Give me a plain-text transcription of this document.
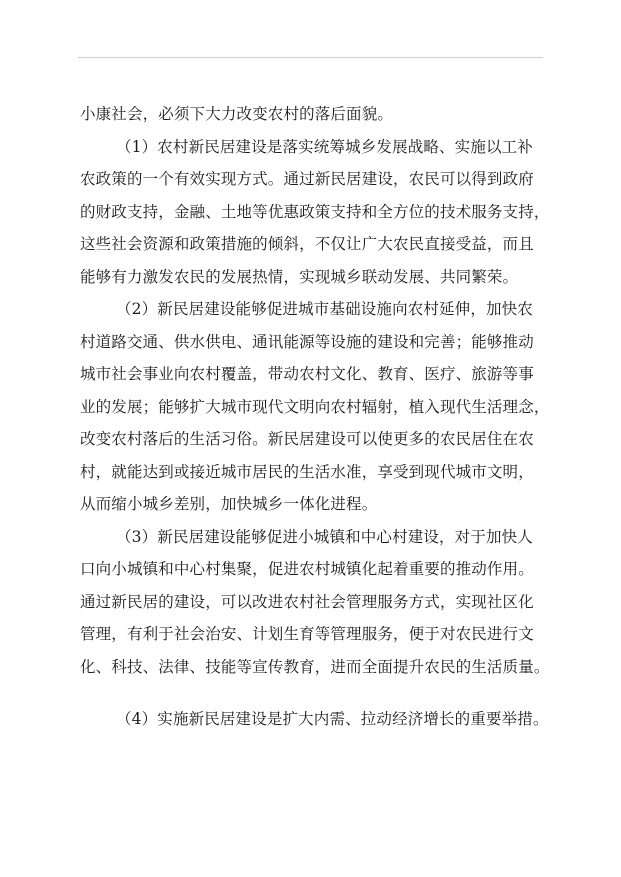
小康社会，必须下大力改变农村的落后面貌。
（1）农村新民居建设是落实统筹城乡发展战略、实施以工补
农政策的一个有效实现方式。通过新民居建设，农民可以得到政府
的财政支持，金融、土地等优惠政策支持和全方位的技术服务支持，
这些社会资源和政策措施的倾斜，不仅让广大农民直接受益，而且
能够有力激发农民的发展热情，实现城乡联动发展、共同繁荣。
（2）新民居建设能够促进城市基础设施向农村延伸，加快农
村道路交通、供水供电、通讯能源等设施的建设和完善；能够推动
城市社会事业向农村覆盖，带动农村文化、教育、医疗、旅游等事
业的发展；能够扩大城市现代文明向农村辐射，植入现代生活理念，
改变农村落后的生活习俗。新民居建设可以使更多的农民居住在农
村，就能达到或接近城市居民的生活水准，享受到现代城市文明，
从而缩小城乡差别，加快城乡一体化进程。
（3）新民居建设能够促进小城镇和中心村建设，对于加快人
口向小城镇和中心村集聚，促进农村城镇化起着重要的推动作用。
通过新民居的建设，可以改进农村社会管理服务方式，实现社区化
管理，有利于社会治安、计划生育等管理服务，便于对农民进行文
化、科技、法律、技能等宣传教育，进而全面提升农民的生活质量。
（4）实施新民居建设是扩大内需、拉动经济增长的重要举措。
